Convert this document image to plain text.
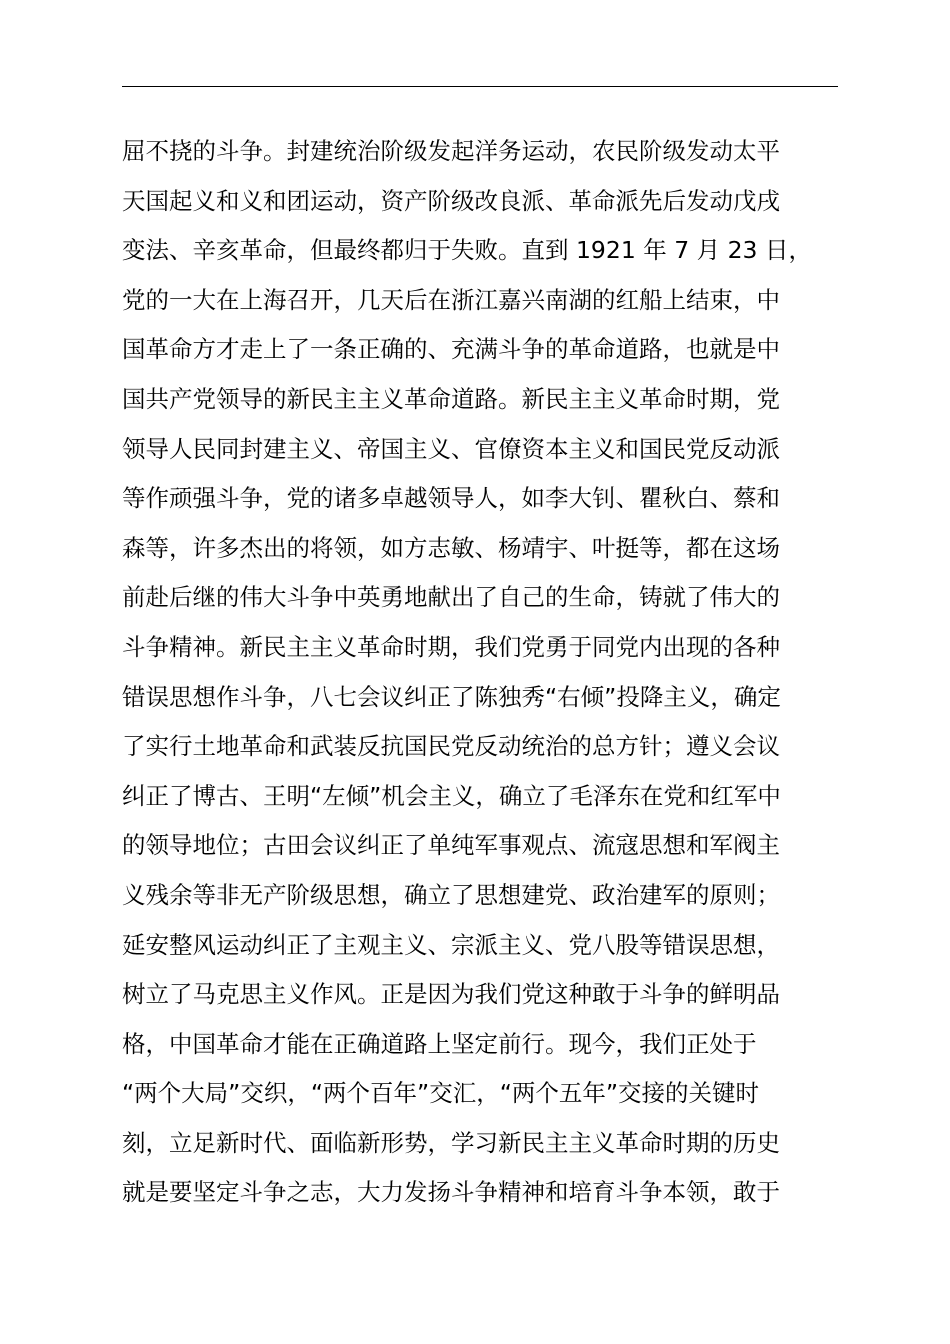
屈不挠的斗争。封建统治阶级发起洋务运动，农民阶级发动太平
天国起义和义和团运动，资产阶级改良派、革命派先后发动戊戌
变法、辛亥革命，但最终都归于失败。直到 1921 年 7 月 23 日，
党的一大在上海召开，几天后在浙江嘉兴南湖的红船上结束，中
国革命方才走上了一条正确的、充满斗争的革命道路，也就是中
国共产党领导的新民主主义革命道路。新民主主义革命时期，党
领导人民同封建主义、帝国主义、官僚资本主义和国民党反动派
等作顽强斗争，党的诸多卓越领导人，如李大钊、瞿秋白、蔡和
森等，许多杰出的将领，如方志敏、杨靖宇、叶挺等，都在这场
前赴后继的伟大斗争中英勇地献出了自己的生命，铸就了伟大的
斗争精神。新民主主义革命时期，我们党勇于同党内出现的各种
错误思想作斗争，八七会议纠正了陈独秀“右倾”投降主义，确定
了实行土地革命和武装反抗国民党反动统治的总方针；遵义会议
纠正了博古、王明“左倾”机会主义，确立了毛泽东在党和红军中
的领导地位；古田会议纠正了单纯军事观点、流寇思想和军阀主
义残余等非无产阶级思想，确立了思想建党、政治建军的原则；
延安整风运动纠正了主观主义、宗派主义、党八股等错误思想，
树立了马克思主义作风。正是因为我们党这种敢于斗争的鲜明品
格，中国革命才能在正确道路上坚定前行。现今，我们正处于
“两个大局”交织，“两个百年”交汇，“两个五年”交接的关键时
刻，立足新时代、面临新形势，学习新民主主义革命时期的历史
就是要坚定斗争之志，大力发扬斗争精神和培育斗争本领，敢于
